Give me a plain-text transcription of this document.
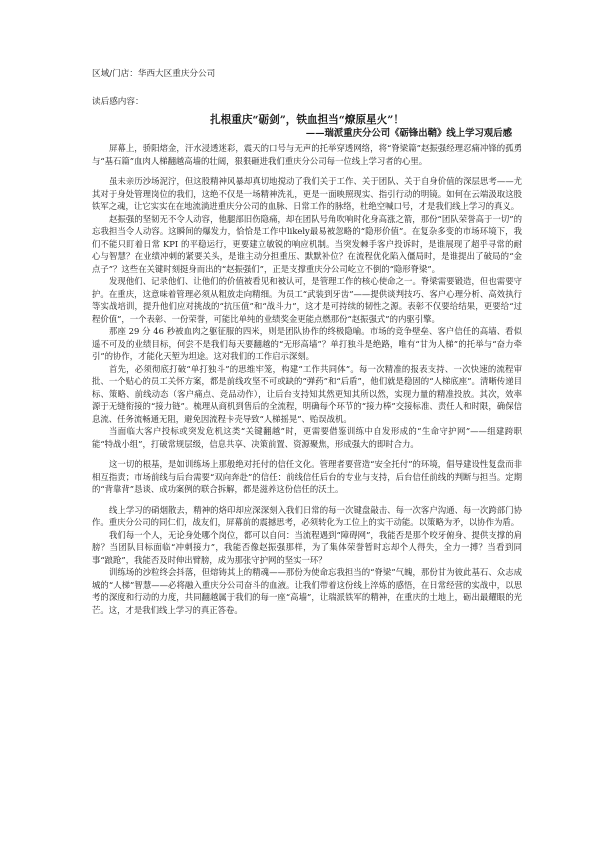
区域/门店：华西大区重庆分公司
读后感内容：
扎根重庆“砺剑”，铁血担当“燎原星火”！
——瑞派重庆分公司《砺锋出鞘》线上学习观后感

屏幕上，骄阳熔金，汗水浸透迷彩，震天的口号与无声的托举穿透网络，将“脊梁篇”赵振强经理忍痛冲锋的孤勇与“基石篇”血肉人梯翻越高墙的壮阔，狠狠砸进我们重庆分公司每一位线上学习者的心里。

虽未亲历沙场泥泞，但这股精神风暴却真切地搅动了我们关于工作、关于团队、关于自身价值的深层思考——尤其对于身处管理岗位的我们，这绝不仅是一场精神洗礼，更是一面映照现实、指引行动的明镜。如何在云端汲取这股铁军之魂，让它实实在在地流淌进重庆分公司的血脉、日常工作的脉络，杜绝空喊口号，才是我们线上学习的真义。

赵振强的坚韧无不令人动容，他腿部旧伤隐痛，却在团队号角吹响时化身高涨之箭，那份“团队荣誉高于一切”的忘我担当令人动容。这瞬间的爆发力，恰恰是工作中likely最易被忽略的“隐形价值”。在复杂多变的市场环境下，我们不能只盯着日常 KPI 的平稳运行，更要建立敏锐的响应机制。当突发棘手客户投诉时，是谁展现了超乎寻常的耐心与智慧？在业绩冲刺的紧要关头，是谁主动分担重压、默默补位？在流程优化陷入僵局时，是谁提出了破局的“金点子”？这些在关键时刻挺身而出的“赵振强们”，正是支撑重庆分公司屹立不倒的“隐形脊梁”。

发现他们、记录他们、让他们的价值被看见和被认可，是管理工作的核心使命之一。脊梁需要锻造，但也需要守护。在重庆，这意味着管理必须从粗放走向精细。为员工“武装到牙齿”——提供谈判技巧、客户心理分析、高效执行等实战培训，提升他们应对挑战的“抗压值”和“战斗力”，这才是可持续的韧性之源。表彰不仅要给结果，更要给“过程价值”，一个表彰、一份荣誉，可能比单纯的业绩奖金更能点燃那份“赵振强式”的内驱引擎。

那座 29 分 46 秒被血肉之躯征服的四米，则是团队协作的终极隐喻。市场的竞争壁垒、客户信任的高墙、看似遥不可及的业绩目标，何尝不是我们每天要翻越的“无形高墙”？单打独斗是绝路，唯有“甘为人梯”的托举与“奋力牵引”的协作，才能化天堑为坦途。这对我们的工作启示深刻。

首先，必须彻底打破“单打独斗”的思维牢笼，构建“工作共同体”。每一次精准的报表支持、一次快速的流程审批、一个贴心的员工关怀方案，都是前线攻坚不可或缺的“弹药”和“后盾”，他们就是稳固的“人梯底座”。清晰传递目标、策略、前线动态（客户痛点、竞品动作），让后台支持知其然更知其所以然，实现力量的精准投放。其次，效率源于无缝衔接的“接力链”。梳理从商机到售后的全流程，明确每个环节的“接力棒”交接标准、责任人和时限，确保信息流、任务流畅通无阻，避免因流程卡壳导致“人梯摇晃”、贻误战机。

当面临大客户投标或突发危机这类“关键翻越”时，更需要借鉴训练中自发形成的“生命守护网”——组建跨职能“特战小组”，打破常规层级，信息共享、决策前置、资源聚焦，形成强大的即时合力。

这一切的根基，是如训练场上那般绝对托付的信任文化。管理者要营造“安全托付”的环境，倡导建设性复盘而非相互指责；市场前线与后台需要“双向奔赴”的信任：前线信任后台的专业与支持，后台信任前线的判断与担当。定期的“背靠背”恳谈、成功案例的联合拆解，都是滋养这份信任的沃土。

线上学习的硝烟散去，精神的烙印却应深深刻入我们日常的每一次键盘敲击、每一次客户沟通、每一次跨部门协作。重庆分公司的同仁们，战友们，屏幕前的震撼思考，必须转化为工位上的实干动能。以策略为矛，以协作为盾。

我们每一个人，无论身处哪个岗位，都可以自问：当流程遇到“障碍网”，我能否是那个咬牙俯身、提供支撑的肩膀？当团队目标面临“冲刺接力”，我能否像赵振强那样，为了集体荣誉暂时忘却个人得失，全力一搏？当看到同事“踉跄”，我能否及时伸出臂膀，成为那张守护网的坚实一环？

训练场的沙粒终会抖落，但熔铸其上的精魂——那份为使命忘我担当的“脊梁”气魄，那份甘为彼此基石、众志成城的“人梯”智慧——必将融入重庆分公司奋斗的血液。让我们带着这份线上淬炼的感悟，在日常经营的实战中，以思考的深度和行动的力度，共同翻越属于我们的每一座“高墙”，让瑞派铁军的精神，在重庆的土地上，砺出最耀眼的光芒。这，才是我们线上学习的真正答卷。
